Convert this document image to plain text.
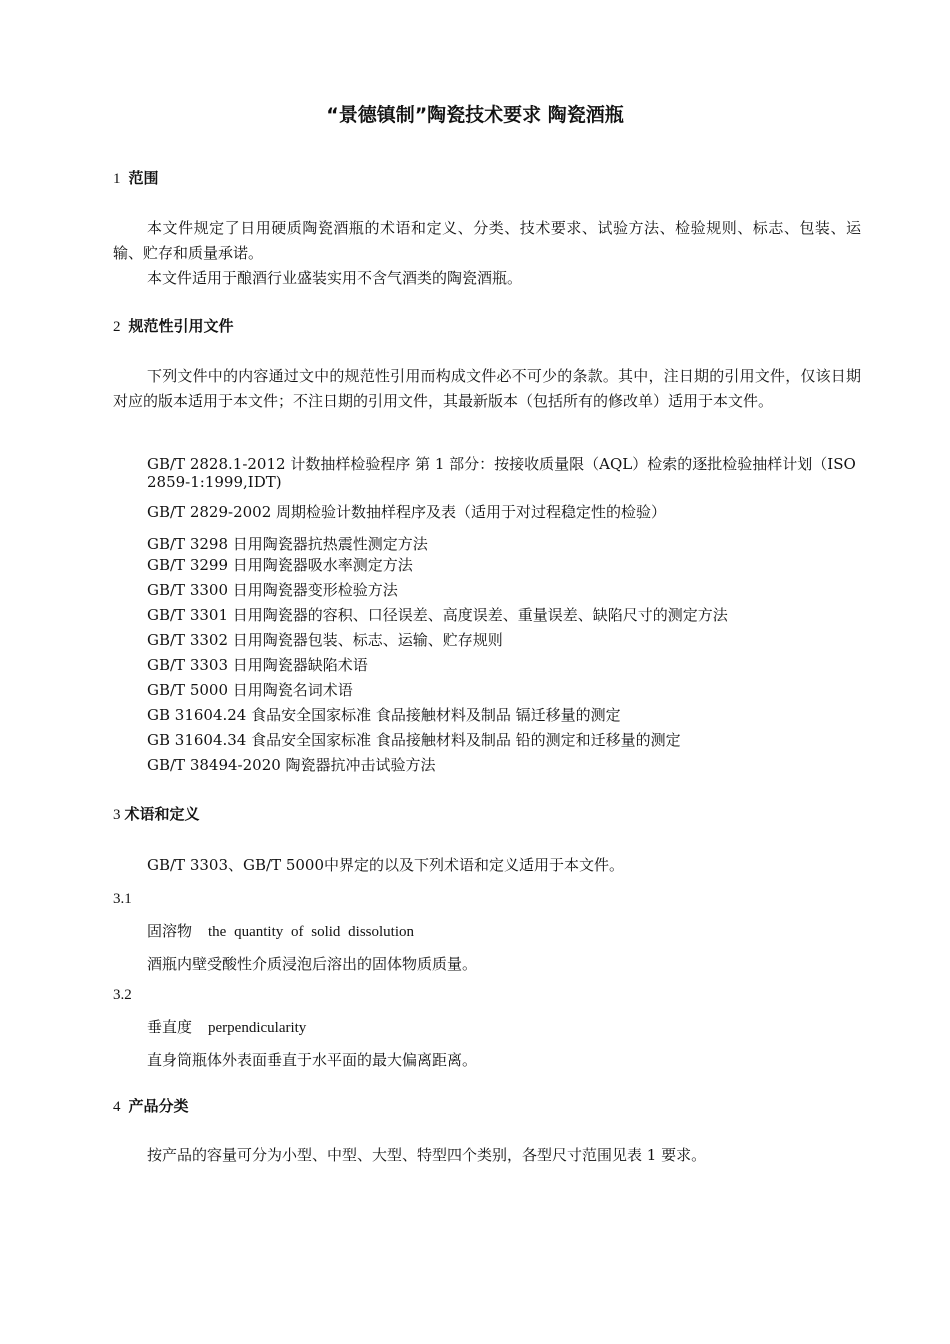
“景德镇制”陶瓷技术要求 陶瓷酒瓶
1 范围

本文件规定了日用硬质陶瓷酒瓶的术语和定义、分类、技术要求、试验方法、检验规则、标志、包装、运输、贮存和质量承诺。

本文件适用于酿酒行业盛装实用不含气酒类的陶瓷酒瓶。

2 规范性引用文件

下列文件中的内容通过文中的规范性引用而构成文件必不可少的条款。其中，注日期的引用文件，仅该日期对应的版本适用于本文件；不注日期的引用文件，其最新版本（包括所有的修改单）适用于本文件。

GB/T 2828.1-2012 计数抽样检验程序 第 1 部分：按接收质量限（AQL）检索的逐批检验抽样计划（ISO 2859-1:1999,IDT)

GB/T 2829-2002 周期检验计数抽样程序及表（适用于对过程稳定性的检验）

GB/T 3298 日用陶瓷器抗热震性测定方法

GB/T 3299 日用陶瓷器吸水率测定方法

GB/T 3300 日用陶瓷器变形检验方法

GB/T 3301 日用陶瓷器的容积、口径误差、高度误差、重量误差、缺陷尺寸的测定方法

GB/T 3302 日用陶瓷器包装、标志、运输、贮存规则

GB/T 3303 日用陶瓷器缺陷术语

GB/T 5000 日用陶瓷名词术语

GB 31604.24 食品安全国家标准 食品接触材料及制品 镉迁移量的测定

GB 31604.34 食品安全国家标准 食品接触材料及制品 铅的测定和迁移量的测定

GB/T 38494-2020 陶瓷器抗冲击试验方法

3 术语和定义

GB/T 3303、GB/T 5000中界定的以及下列术语和定义适用于本文件。

3.1

固溶物 the quantity of solid dissolution

酒瓶内壁受酸性介质浸泡后溶出的固体物质质量。

3.2

垂直度 perpendicularity

直身筒瓶体外表面垂直于水平面的最大偏离距离。

4 产品分类

按产品的容量可分为小型、中型、大型、特型四个类别，各型尺寸范围见表 1 要求。
